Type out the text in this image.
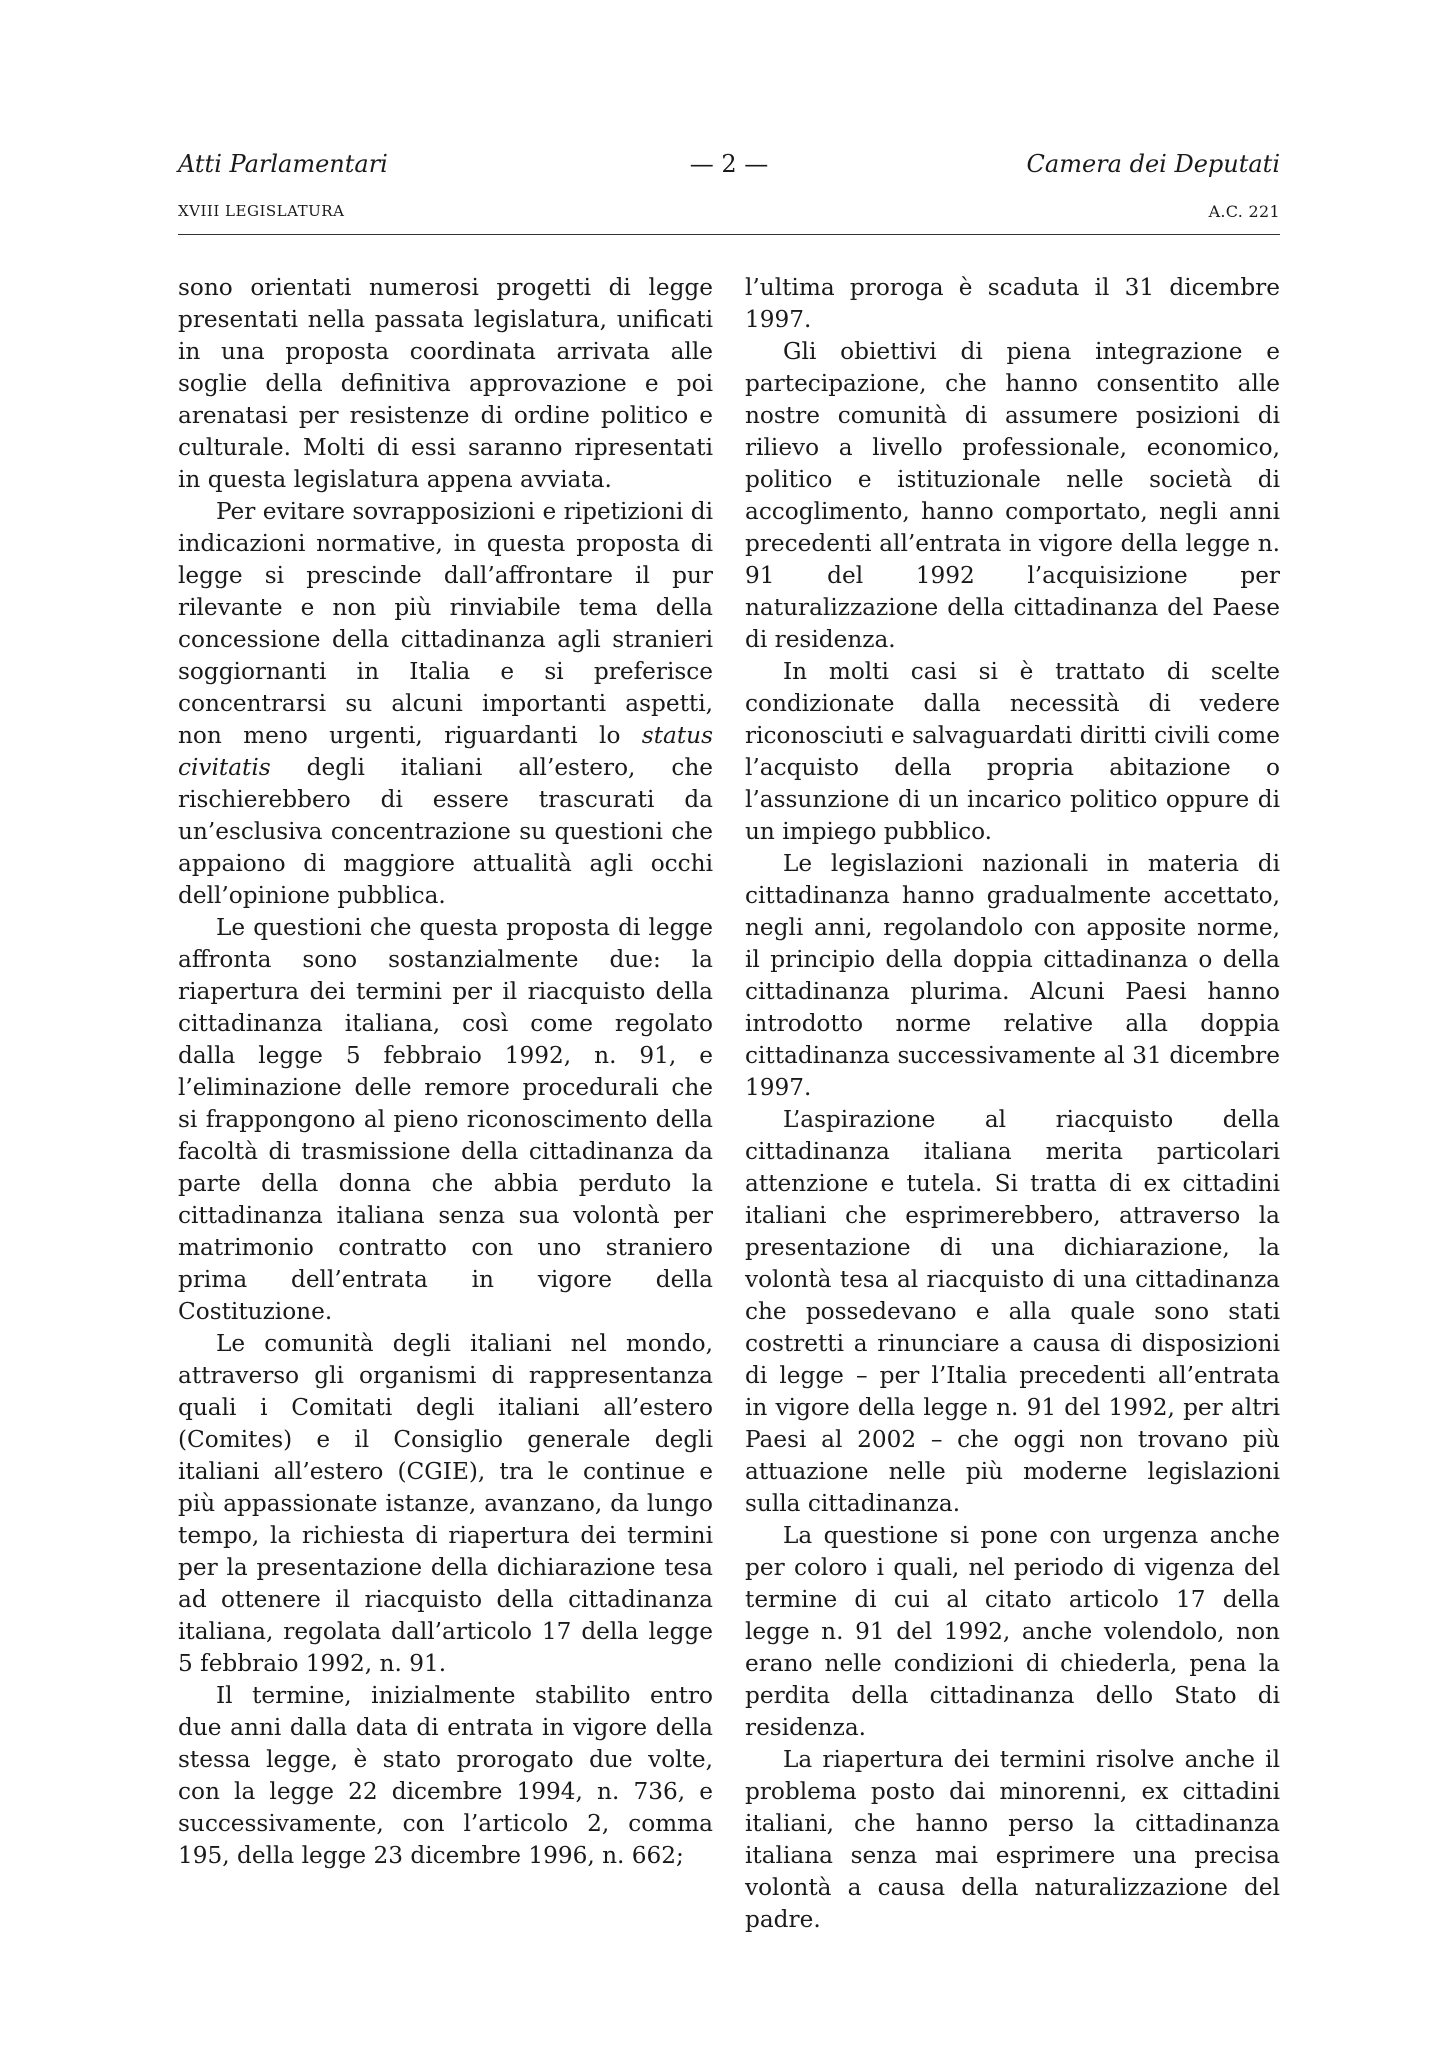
Atti Parlamentari	— 2 —	Camera dei Deputati
XVIII LEGISLATURA	A.C. 221

sono orientati numerosi progetti di legge presentati nella passata legislatura, unificati in una proposta coordinata arrivata alle soglie della definitiva approvazione e poi arenatasi per resistenze di ordine politico e culturale. Molti di essi saranno ripresentati in questa legislatura appena avviata.

Per evitare sovrapposizioni e ripetizioni di indicazioni normative, in questa proposta di legge si prescinde dall’affrontare il pur rilevante e non più rinviabile tema della concessione della cittadinanza agli stranieri soggiornanti in Italia e si preferisce concentrarsi su alcuni importanti aspetti, non meno urgenti, riguardanti lo status civitatis degli italiani all’estero, che rischierebbero di essere trascurati da un’esclusiva concentrazione su questioni che appaiono di maggiore attualità agli occhi dell’opinione pubblica.

Le questioni che questa proposta di legge affronta sono sostanzialmente due: la riapertura dei termini per il riacquisto della cittadinanza italiana, così come regolato dalla legge 5 febbraio 1992, n. 91, e l’eliminazione delle remore procedurali che si frappongono al pieno riconoscimento della facoltà di trasmissione della cittadinanza da parte della donna che abbia perduto la cittadinanza italiana senza sua volontà per matrimonio contratto con uno straniero prima dell’entrata in vigore della Costituzione.

Le comunità degli italiani nel mondo, attraverso gli organismi di rappresentanza quali i Comitati degli italiani all’estero (Comites) e il Consiglio generale degli italiani all’estero (CGIE), tra le continue e più appassionate istanze, avanzano, da lungo tempo, la richiesta di riapertura dei termini per la presentazione della dichiarazione tesa ad ottenere il riacquisto della cittadinanza italiana, regolata dall’articolo 17 della legge 5 febbraio 1992, n. 91.

Il termine, inizialmente stabilito entro due anni dalla data di entrata in vigore della stessa legge, è stato prorogato due volte, con la legge 22 dicembre 1994, n. 736, e successivamente, con l’articolo 2, comma 195, della legge 23 dicembre 1996, n. 662;

l’ultima proroga è scaduta il 31 dicembre 1997.

Gli obiettivi di piena integrazione e partecipazione, che hanno consentito alle nostre comunità di assumere posizioni di rilievo a livello professionale, economico, politico e istituzionale nelle società di accoglimento, hanno comportato, negli anni precedenti all’entrata in vigore della legge n. 91 del 1992 l’acquisizione per naturalizzazione della cittadinanza del Paese di residenza.

In molti casi si è trattato di scelte condizionate dalla necessità di vedere riconosciuti e salvaguardati diritti civili come l’acquisto della propria abitazione o l’assunzione di un incarico politico oppure di un impiego pubblico.

Le legislazioni nazionali in materia di cittadinanza hanno gradualmente accettato, negli anni, regolandolo con apposite norme, il principio della doppia cittadinanza o della cittadinanza plurima. Alcuni Paesi hanno introdotto norme relative alla doppia cittadinanza successivamente al 31 dicembre 1997.

L’aspirazione al riacquisto della cittadinanza italiana merita particolari attenzione e tutela. Si tratta di ex cittadini italiani che esprimerebbero, attraverso la presentazione di una dichiarazione, la volontà tesa al riacquisto di una cittadinanza che possedevano e alla quale sono stati costretti a rinunciare a causa di disposizioni di legge – per l’Italia precedenti all’entrata in vigore della legge n. 91 del 1992, per altri Paesi al 2002 – che oggi non trovano più attuazione nelle più moderne legislazioni sulla cittadinanza.

La questione si pone con urgenza anche per coloro i quali, nel periodo di vigenza del termine di cui al citato articolo 17 della legge n. 91 del 1992, anche volendolo, non erano nelle condizioni di chiederla, pena la perdita della cittadinanza dello Stato di residenza.

La riapertura dei termini risolve anche il problema posto dai minorenni, ex cittadini italiani, che hanno perso la cittadinanza italiana senza mai esprimere una precisa volontà a causa della naturalizzazione del padre.
